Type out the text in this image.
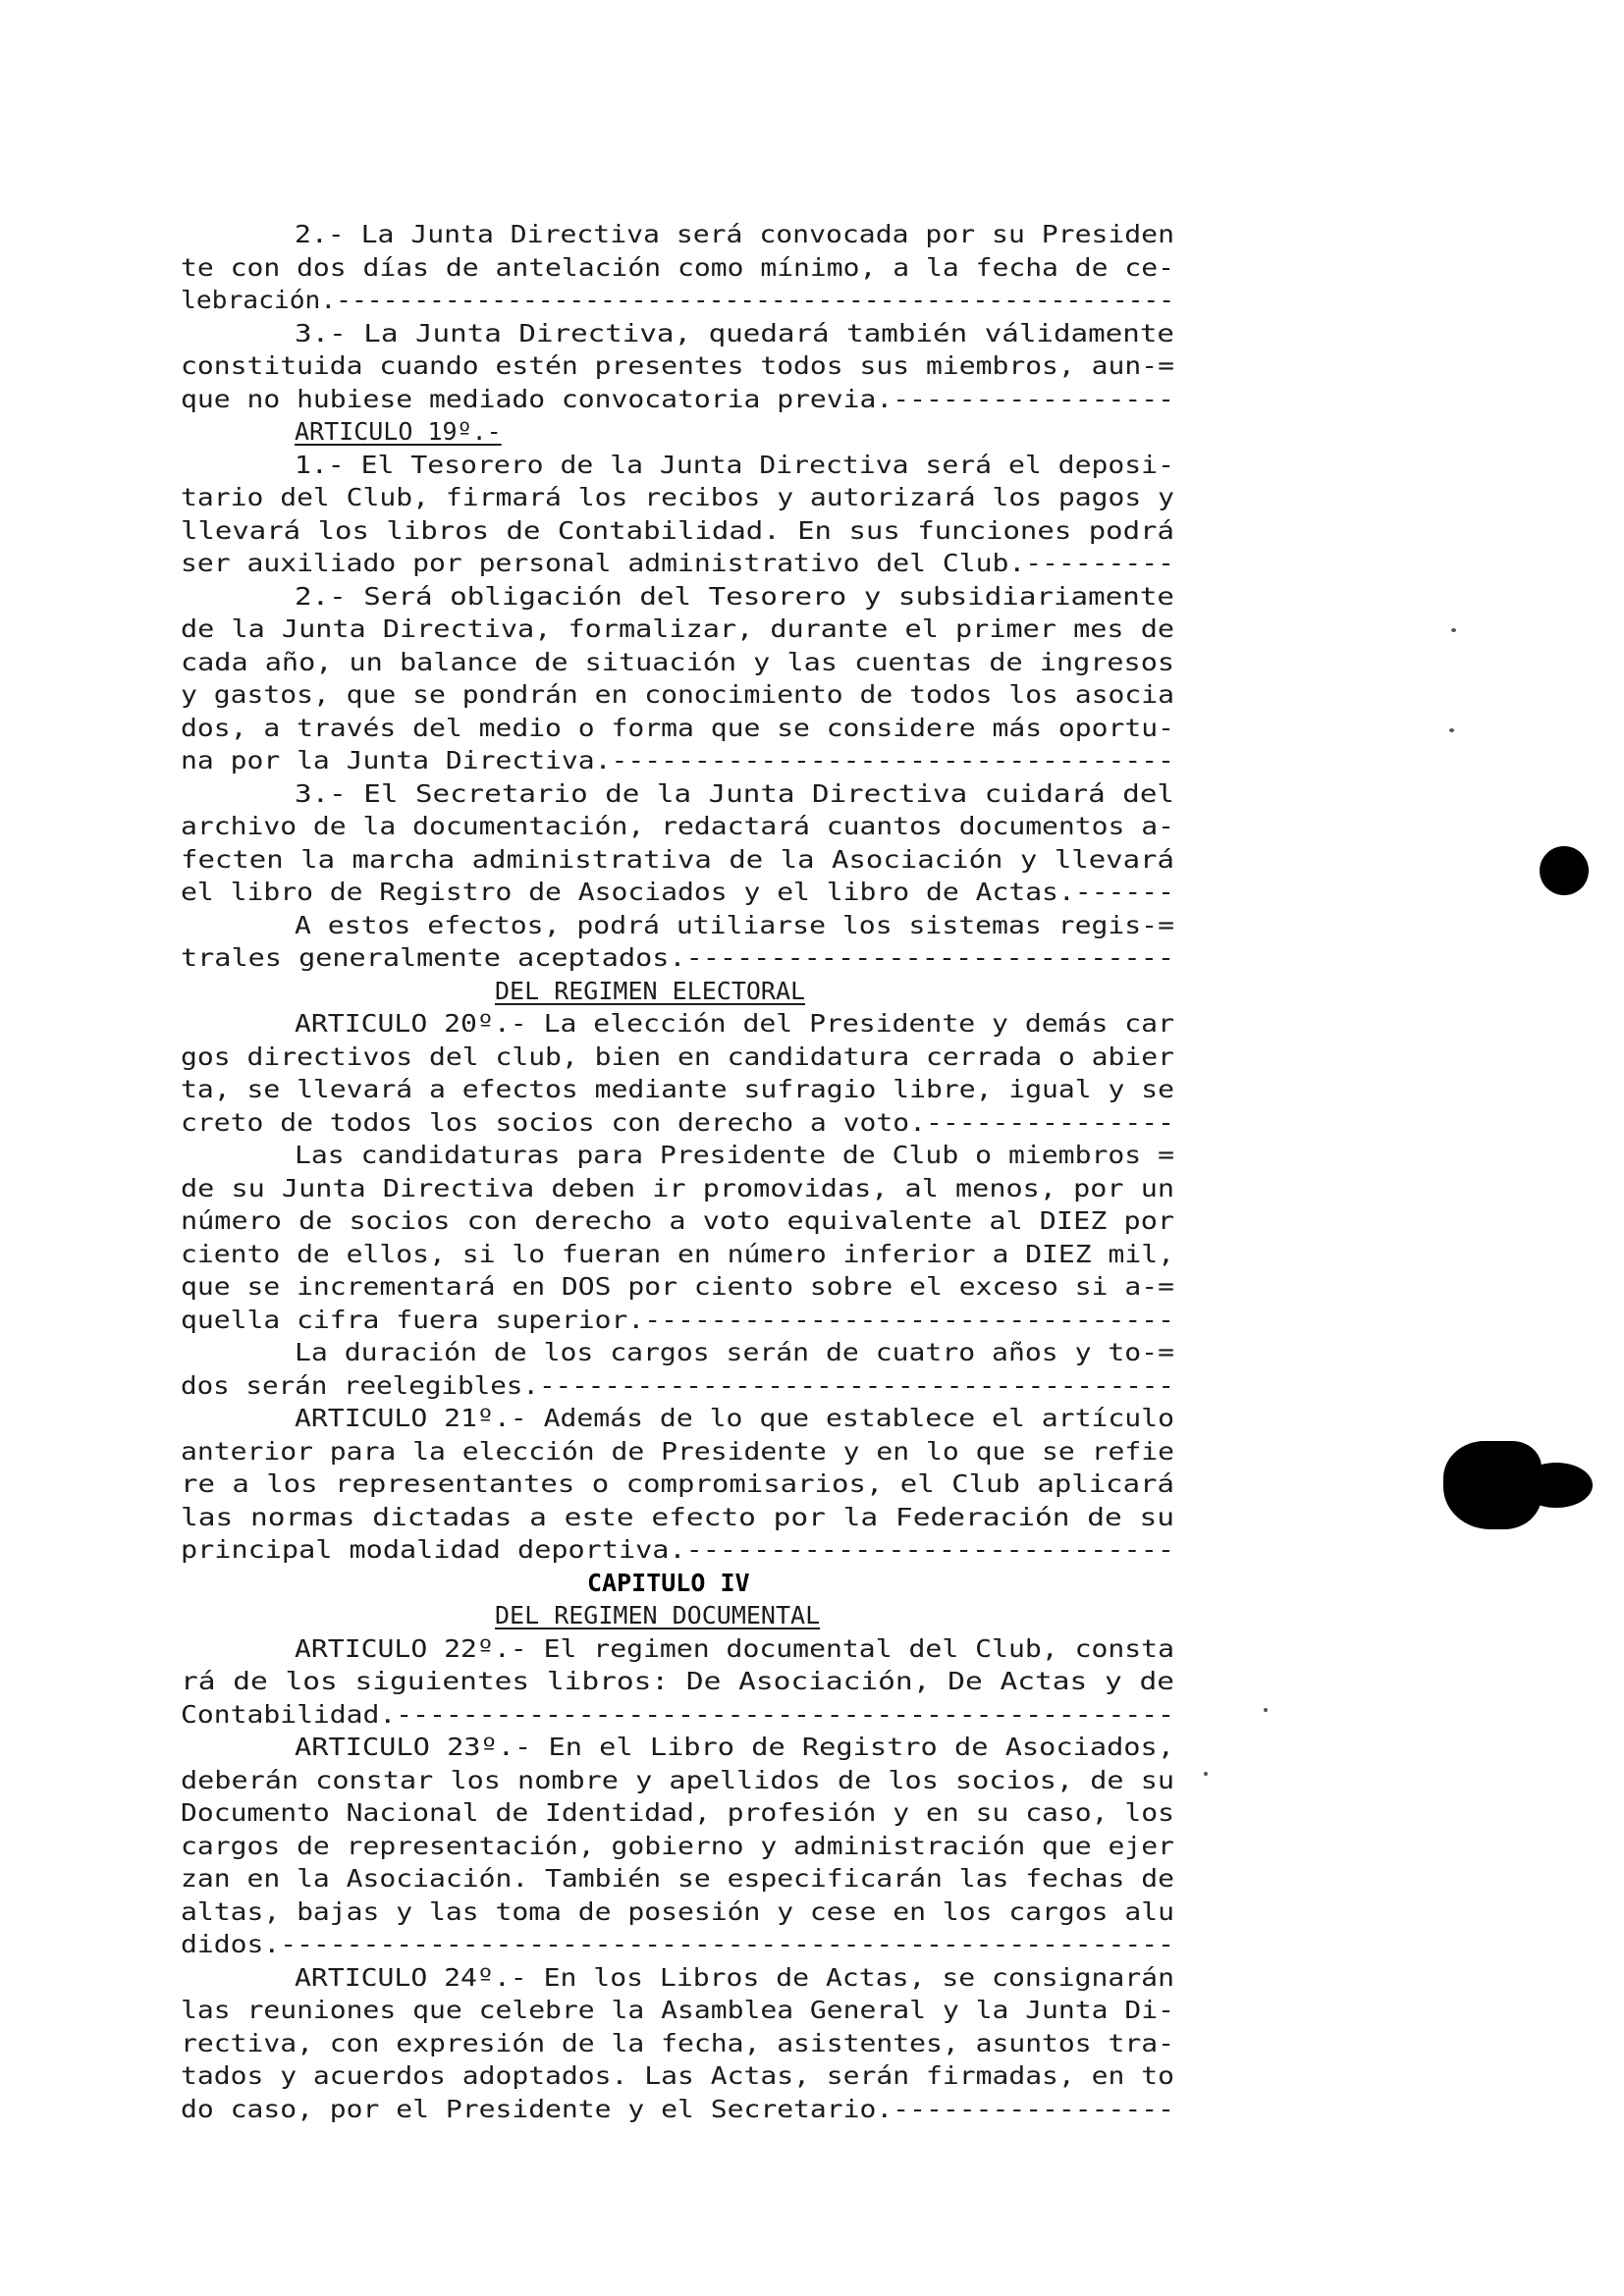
2.- La Junta Directiva será convocada por su Presiden
te con dos días de antelación como mínimo, a la fecha de ce-
lebración.------------------------------------------------------
3.- La Junta Directiva, quedará también válidamente
constituida cuando estén presentes todos sus miembros, aun-=
que no hubiese mediado convocatoria previa.-----------------
ARTICULO 19º.-
1.- El Tesorero de la Junta Directiva será el deposi-
tario del Club, firmará los recibos y autorizará los pagos y
llevará los libros de Contabilidad. En sus funciones podrá
ser auxiliado por personal administrativo del Club.---------
2.- Será obligación del Tesorero y subsidiariamente
de la Junta Directiva, formalizar, durante el primer mes de
cada año, un balance de situación y las cuentas de ingresos
y gastos, que se pondrán en conocimiento de todos los asocia
dos, a través del medio o forma que se considere más oportu-
na por la Junta Directiva.----------------------------------
3.- El Secretario de la Junta Directiva cuidará del
archivo de la documentación, redactará cuantos documentos a-
fecten la marcha administrativa de la Asociación y llevará
el libro de Registro de Asociados y el libro de Actas.------
A estos efectos, podrá utiliarse los sistemas regis-=
trales generalmente aceptados.-----------------------------
DEL REGIMEN ELECTORAL
ARTICULO 20º.- La elección del Presidente y demás car
gos directivos del club, bien en candidatura cerrada o abier
ta, se llevará a efectos mediante sufragio libre, igual y se
creto de todos los socios con derecho a voto.---------------
Las candidaturas para Presidente de Club o miembros =
de su Junta Directiva deben ir promovidas, al menos, por un
número de socios con derecho a voto equivalente al DIEZ por
ciento de ellos, si lo fueran en número inferior a DIEZ mil,
que se incrementará en DOS por ciento sobre el exceso si a-=
quella cifra fuera superior.--------------------------------
La duración de los cargos serán de cuatro años y to-=
dos serán reelegibles.---------------------------------------
ARTICULO 21º.- Además de lo que establece el artículo
anterior para la elección de Presidente y en lo que se refie
re a los representantes o compromisarios, el Club aplicará
las normas dictadas a este efecto por la Federación de su
principal modalidad deportiva.-----------------------------
CAPITULO IV
DEL REGIMEN DOCUMENTAL
ARTICULO 22º.- El regimen documental del Club, consta
rá de los siguientes libros: De Asociación, De Actas y de
Contabilidad.-----------------------------------------------
ARTICULO 23º.- En el Libro de Registro de Asociados,
deberán constar los nombre y apellidos de los socios, de su
Documento Nacional de Identidad, profesión y en su caso, los
cargos de representación, gobierno y administración que ejer
zan en la Asociación. También se especificarán las fechas de
altas, bajas y las toma de posesión y cese en los cargos alu
didos.------------------------------------------------------
ARTICULO 24º.- En los Libros de Actas, se consignarán
las reuniones que celebre la Asamblea General y la Junta Di-
rectiva, con expresión de la fecha, asistentes, asuntos tra-
tados y acuerdos adoptados. Las Actas, serán firmadas, en to
do caso, por el Presidente y el Secretario.-----------------
